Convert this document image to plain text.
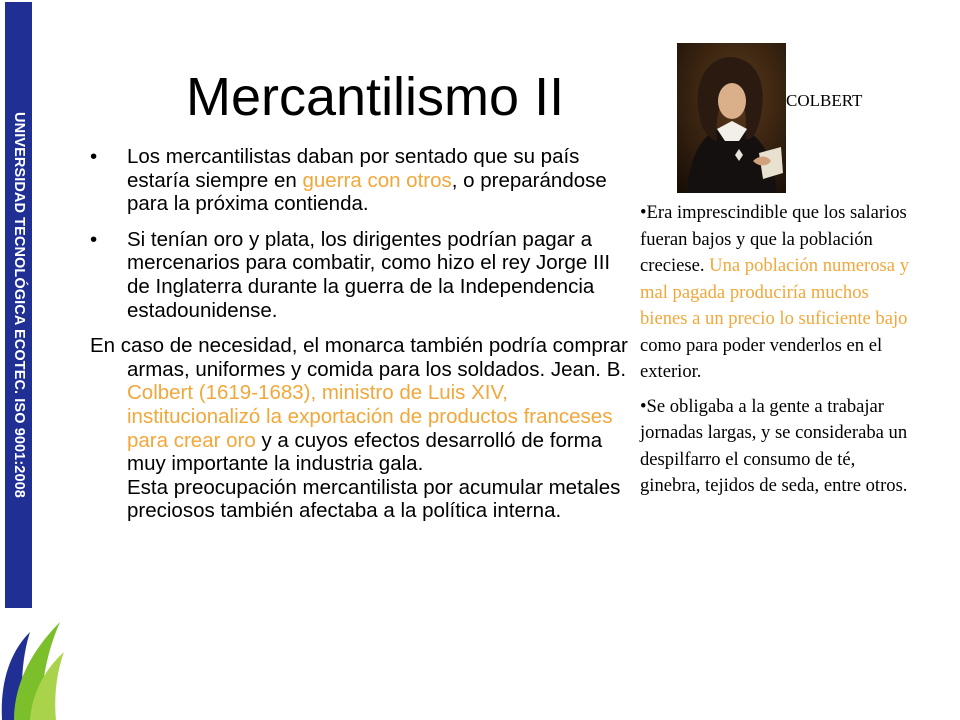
UNIVERSIDAD TECNOLÓGICA ECOTEC. ISO 9001:2008
Mercantilismo II	COLBERT
• Los mercantilistas daban por sentado que su país estaría siempre en guerra con otros, o preparándose para la próxima contienda.
• Si tenían oro y plata, los dirigentes podrían pagar a mercenarios para combatir, como hizo el rey Jorge III de Inglaterra durante la guerra de la Independencia estadounidense.

En caso de necesidad, el monarca también podría comprar armas, uniformes y comida para los soldados. Jean. B. Colbert (1619-1683), ministro de Luis XIV, institucionalizó la exportación de productos franceses para crear oro y a cuyos efectos desarrolló de forma muy importante la industria gala.
Esta preocupación mercantilista por acumular metales preciosos también afectaba a la política interna.

•Era imprescindible que los salarios fueran bajos y que la población creciese. Una población numerosa y mal pagada produciría muchos bienes a un precio lo suficiente bajo como para poder venderlos en el exterior.

•Se obligaba a la gente a trabajar jornadas largas, y se consideraba un despilfarro el consumo de té, ginebra, tejidos de seda, entre otros.
